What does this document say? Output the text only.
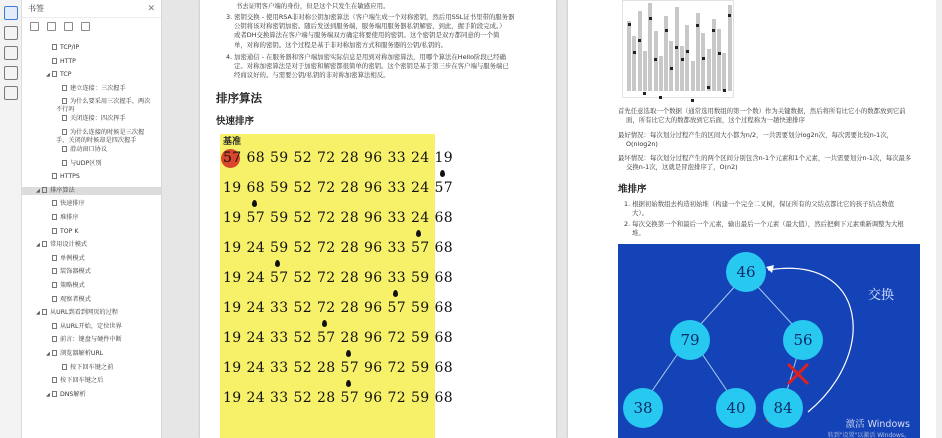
书签	✕
TCP/IP
HTTP
◢ TCP
建立连接：三次握手
为什么要采用三次握手，两次不行吗
关闭连接：四次挥手
为什么连接的时候是三次握手，关闭的时候却是四次握手
滑动窗口协议
与UDP区别
HTTPS
◢ 排序算法
快速排序
堆排序
TOP K
◢ 常用设计模式
单例模式
装饰器模式
策略模式
观察者模式
◢ 从URL到看到网页的过程
从URL开始，定位世界
前言：键盘与硬件中断
◢ 浏览器解析URL
按下回车键之前
按下回车键之后
◢ DNS解析
书去证明客户端的身份，但是这个只发生在敏感应用。
3. 密钥交换 - 使用RSA非对称公钥加密算法（客户端生成一个对称密钥，然后用SSL证书里带的服务器
公钥将该对称密钥加密。随后发送到服务端，服务端用服务器私钥解密，到此，握手阶段完成。）
或者DH交换算法在客户端与服务端双方确定将要使用的密钥。这个密钥是双方都同意的一个简
单，对称的密钥。这个过程是基于非对称加密方式和服务器的公钥/私钥的。
4. 加密通信 - 在服务器和客户端加密实际信息是用到对称加密算法，用哪个算法在Hello阶段已经确
定。对称加密算法是对于加密和解密都很简单的密钥。这个密钥是基于第三步在客户端与服务端已
经商议好的。与需要公钥/私钥的非对称加密算法相反。
排序算法
快速排序
基准
57 68 59 52 72 28 96 33 24 19
19 68 59 52 72 28 96 33 24 57
19 57 59 52 72 28 96 33 24 68
19 24 59 52 72 28 96 33 57 68
19 24 57 52 72 28 96 33 59 68
19 24 33 52 72 28 96 57 59 68
19 24 33 52 57 28 96 72 59 68
19 24 33 52 28 57 96 72 59 68
19 24 33 52 28 57 96 72 59 68
首先任意选取一个数据（通常选用数组的第一个数）作为关键数据，然后将所有比它小的数都放到它前
面，所有比它大的数都放到它后面，这个过程称为一趟快速排序
最好情况：每次划分过程产生的区间大小都为n/2，一共需要划分log2n次，每次需要比较n-1次，
O(nlog2n)
最坏情况：每次划分过程产生的两个区间分别包含n-1个元素和1个元素，一共需要划分n-1次，每次最多
交换n-1次，这就是冒泡排序了，O(n2)
堆排序
1. 根据初始数组去构造初始堆（构建一个完全二叉树，保证所有的父结点都比它的孩子结点数值
大）。
2. 每次交换第一个和最后一个元素，输出最后一个元素（最大值），然后把剩下元素重新调整为大根
堆。
46
79	56
38	40	84
交换
激活 Windows
转到"设置"以激活 Windows。
